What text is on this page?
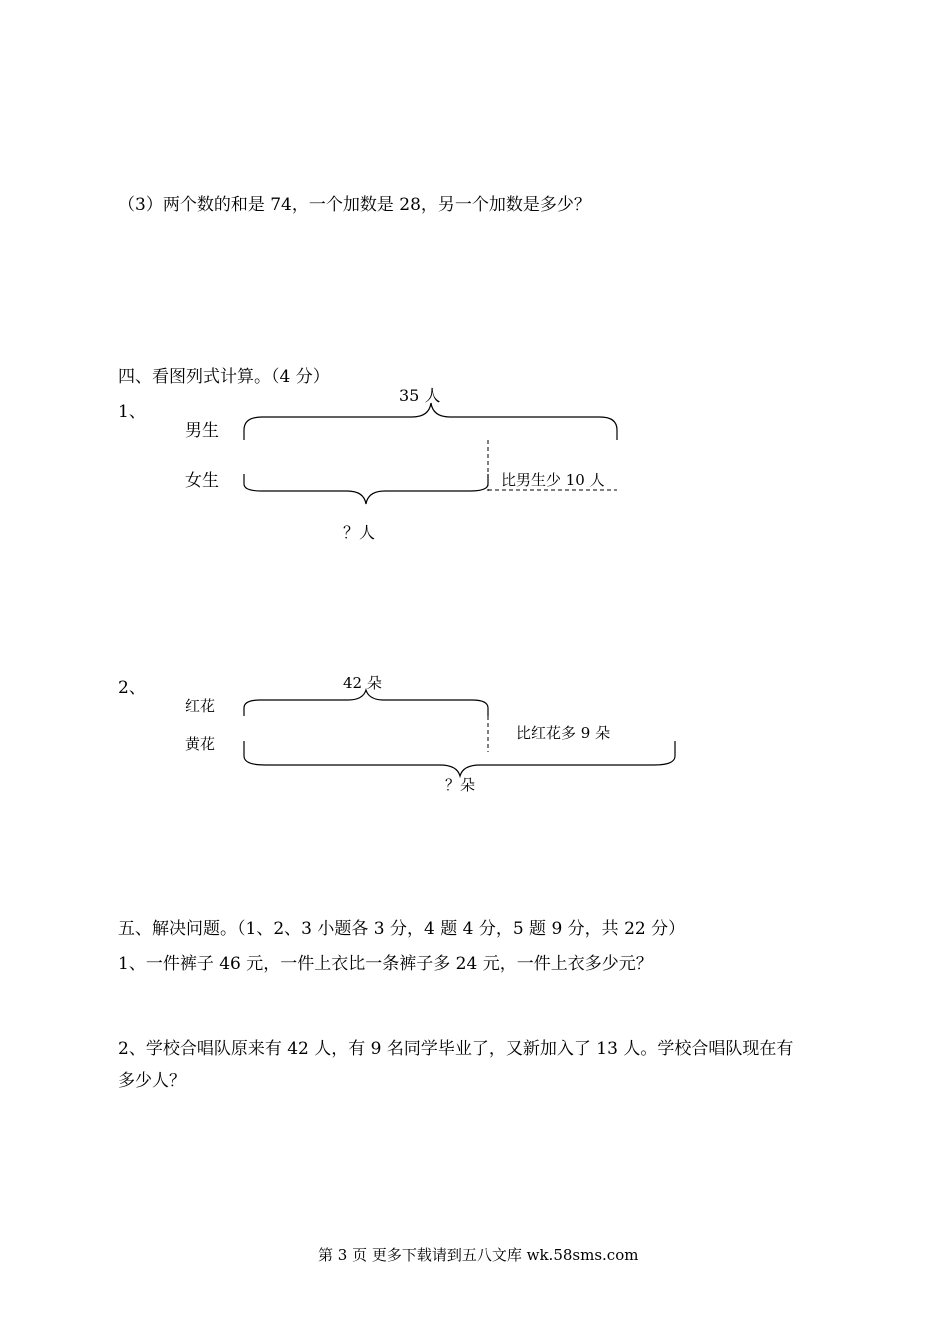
（3）两个数的和是 74，一个加数是 28，另一个加数是多少？
四、看图列式计算。（4 分）
1、
男生
女生
35 人
比男生少 10 人
？人
2、
红花
黄花
42 朵
比红花多 9 朵
？朵
五、解决问题。（1、2、3 小题各 3 分，4 题 4 分，5 题 9 分，共 22 分）
1、一件裤子 46 元，一件上衣比一条裤子多 24 元，一件上衣多少元？
2、学校合唱队原来有 42 人，有 9 名同学毕业了，又新加入了 13 人。学校合唱队现在有
多少人？
第 3 页 更多下载请到五八文库 wk.58sms.com
